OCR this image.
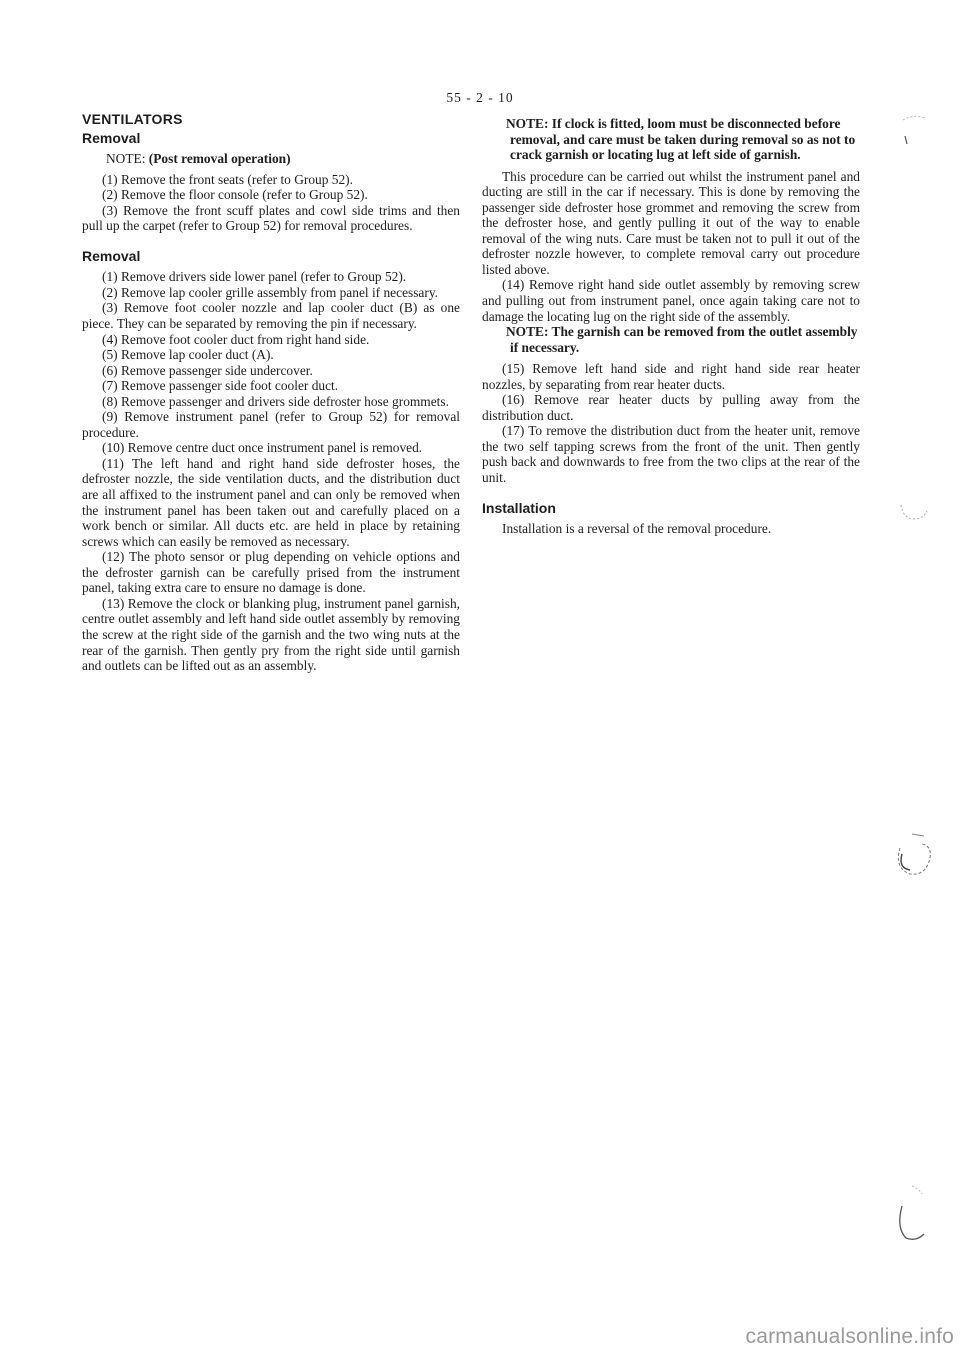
55 - 2 - 10
VENTILATORS
Removal
NOTE: (Post removal operation)

(1) Remove the front seats (refer to Group 52).

(2) Remove the floor console (refer to Group 52).

(3) Remove the front scuff plates and cowl side trims and then pull up the carpet (refer to Group 52) for removal procedures.

Removal

(1) Remove drivers side lower panel (refer to Group 52).

(2) Remove lap cooler grille assembly from panel if necessary.

(3) Remove foot cooler nozzle and lap cooler duct (B) as one piece. They can be separated by removing the pin if necessary.

(4) Remove foot cooler duct from right hand side.

(5) Remove lap cooler duct (A).

(6) Remove passenger side undercover.

(7) Remove passenger side foot cooler duct.

(8) Remove passenger and drivers side defroster hose grommets.

(9) Remove instrument panel (refer to Group 52) for removal procedure.

(10) Remove centre duct once instrument panel is removed.

(11) The left hand and right hand side defroster hoses, the defroster nozzle, the side ventilation ducts, and the distribution duct are all affixed to the instrument panel and can only be removed when the instrument panel has been taken out and carefully placed on a work bench or similar. All ducts etc. are held in place by retaining screws which can easily be removed as necessary.

(12) The photo sensor or plug depending on vehicle options and the defroster garnish can be carefully prised from the instrument panel, taking extra care to ensure no damage is done.

(13) Remove the clock or blanking plug, instrument panel garnish, centre outlet assembly and left hand side outlet assembly by removing the screw at the right side of the garnish and the two wing nuts at the rear of the garnish. Then gently pry from the right side until garnish and outlets can be lifted out as an assembly.

NOTE: If clock is fitted, loom must be disconnected before removal, and care must be taken during removal so as not to crack garnish or locating lug at left side of garnish.

This procedure can be carried out whilst the instrument panel and ducting are still in the car if necessary. This is done by removing the passenger side defroster hose grommet and removing the screw from the defroster hose, and gently pulling it out of the way to enable removal of the wing nuts. Care must be taken not to pull it out of the defroster nozzle however, to complete removal carry out procedure listed above.

(14) Remove right hand side outlet assembly by removing screw and pulling out from instrument panel, once again taking care not to damage the locating lug on the right side of the assembly.

NOTE: The garnish can be removed from the outlet assembly if necessary.

(15) Remove left hand side and right hand side rear heater nozzles, by separating from rear heater ducts.

(16) Remove rear heater ducts by pulling away from the distribution duct.

(17) To remove the distribution duct from the heater unit, remove the two self tapping screws from the front of the unit. Then gently push back and downwards to free from the two clips at the rear of the unit.

Installation

Installation is a reversal of the removal procedure.

carmanualsonline.info
